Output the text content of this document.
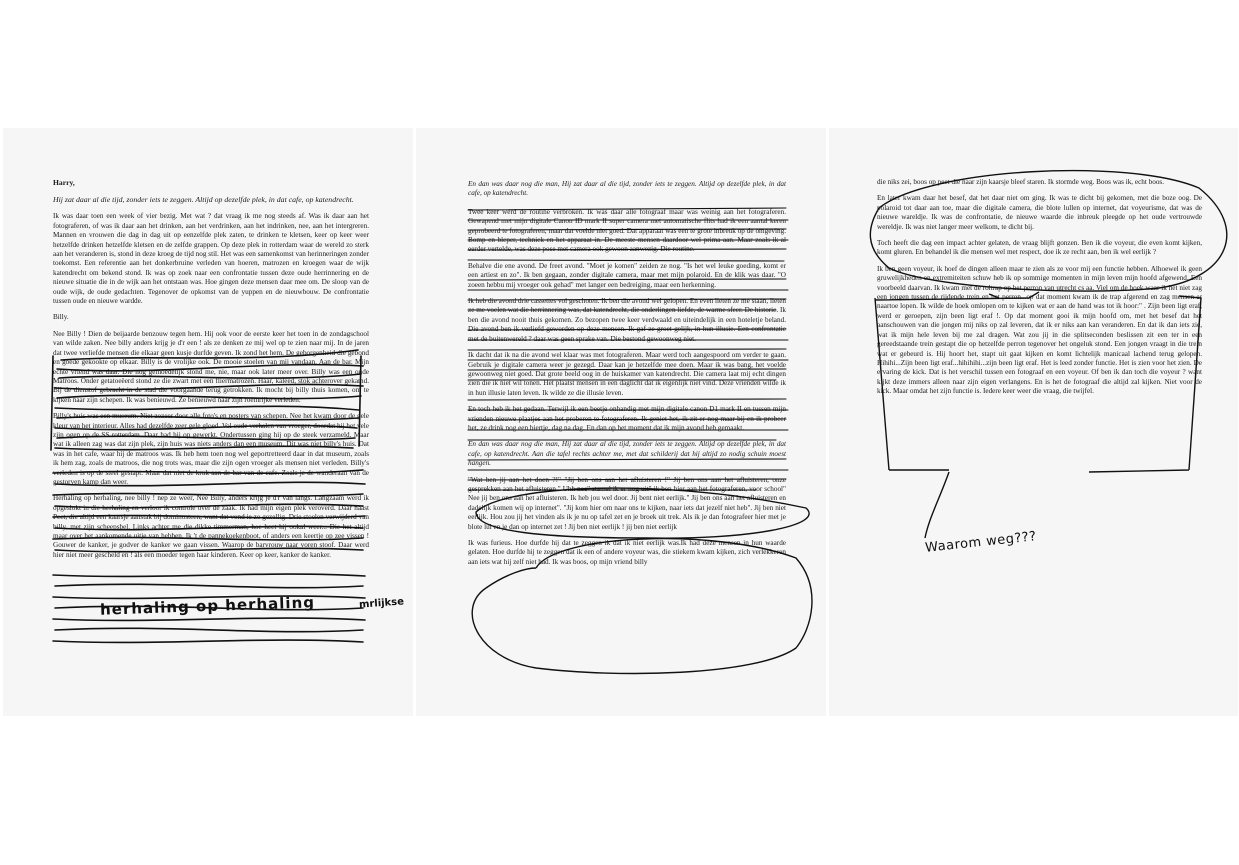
Harry,

Hij zat daar al die tijd, zonder iets te zeggen. Altijd op dezelfde plek, in dat cafe, op katendrecht.

Ik was daar toen een week of vier bezig. Met wat ? dat vraag ik me nog steeds af. Was ik daar aan het fotograferen, of was ik daar aan het drinken, aan het verdrinken, aan het indrinken, nee, aan het intergreren. Mannen en vrouwen die dag in dag uit op eenzelfde plek zaten, te drinken te kletsen, keer op keer weer hetzelfde drinken hetzelfde kletsen en de zelfde grappen. Op deze plek in rotterdam waar de wereld zo sterk aan het veranderen is, stond in deze kroeg de tijd nog stil. Het was een samenkomst van herinneringen zonder toekomst. Een referentie aan het donkerbruine verleden van hoeren, matrozen en kroegen waar de wijk katendrecht om bekend stond. Ik was op zoek naar een confrontatie tussen deze oude herrinnering en de nieuwe situatie die in de wijk aan het ontstaan was. Hoe gingen deze mensen daar mee om. De sloop van de oude wijk, de oude gedachten. Tegenover de opkomst van de yuppen en de nieuwbouw. De confrontatie tussen oude en nieuwe wardde.

Billy.

Nee Billy ! Dien de beijaarde benzouw tegen hem. Hij ook voor de eerste keer het toen in de zondagschool van wilde zaken. Nee billy anders krijg je d'r een ! als ze denken ze mij wel op te zien naar mij. In de jaren dat twee verliefde mensen die elkaar geen kusje durfde geven. Ik zond het hem. De geborgenheid die gebond en goede gekookte op elkaar. Billy is de vrolijke ook. De mooie stoelen van mij vandaan. Aan de bar. Mijn echte vriend was daar. Die nog gemoedelijk stond me, nie, maar ook later meer over. Billy was een oude Matroos. Onder getatoeëerd stond ze die zwart met een fliermatrozen. Haar, kaleed, stok achterover gekamd. Bij de dienstof gebracht in de stad die voorgaande terug getrokken. Ik mocht bij billy thuis komen, om te kijken naar zijn schepen. Ik was benieuwd. Ze benieuwd naar zijn roemrijke verleden.

Billy's huis was een museum. Niet zozeer door alle foto's en posters van schepen. Nee het kwam door de gele kleur van het interieur. Alles had dezelfde zeer gele gloed. Vol oude verhalen van vroeger, doordat hij het vele zijn ogen op de SS rotterdam. Daar had hij op gewerkt. Ondertussen ging hij op de steek verzameld. Maar wat ik alleen zag was dat zijn plek, zijn huis was niets anders dan een museum. Dit was niet billy's huis. Dat was in het cafe, waar hij de matroos was. Ik heb hem toen nog wel geportretteerd daar in dat museum, zoals ik hem zag, zoals de matroos, die nog trots was, maar die zijn ogen vroeger als mensen niet verleden. Billy's verleden is op de steel gestapt. Maar dat niet de kruk aan de bar van de cafe. Zoals je de wanderaan van de gestorven kamp dan weer.

Herhaling op herhaling, nee billy ! nep ze weer, Nee Billy, anders krijg je d'r van langs. Langzaam werd ik opgeslokt in die herhaling en verloor ik controle over de zaak. Ik had mijn eigen plek veroverd. Daar naast Peet, die altijd een kaarsje aanstak bij dominosteen, want dat vond ie zo gezellig. Drie stoelen verwijderd van billy, met zijn scheepsbel. Links achter me die dikke timmerman, hoe heet hij ookal weer... Die het altijd maar over het aankomende uitje van hebben. Ik 't de pannekoekenboot, of anders een keertje op zee vissen ! Gouwer de kanker, je godver de kanker we gaan vissen. Waarop de barvrouw naar voren stoof. Daar werd hier niet meer gescheld en ! als een moeder tegen haar kinderen. Keer op keer, kanker de kanker.

En dan was daar nog die man, Hij zat daar al die tijd, zonder iets te zeggen. Altijd op dezelfde plek, in dat cafe, op katendrecht.

Twee keer werd de routine verbroken. Ik was daar alle fotograaf maar was weinig aan het fotograferen. Gewapend met mijn digitale Canon ID mark II super camera met automatische flits had ik een aantal keren geprobeerd te fotograferen, maar dat voelde niet goed. Dat apparaat was een te grote inbreuk op de omgeving. Bomp en bleper, techniek en het apparaat in. De meeste mensen daardoor wel prima aan. Maar zoals ik al eerder vertelde, was deze pose met camera ook gewoon aanwezig. Die routine.

Behalve die ene avond. De freet avond. "Moet je komen" zeiden ze nog. "Is het wel leuke goeding, komt er een artiest en zo". Ik ben gegaan, zonder digitale camera, maar met mijn polaroid. En de klik was daar. "O zoeen hebbu mij vroeger ook gehad" met langer een bedreiging, maar een herkenning.

Ik heb die avond drie cassettes vol geschoten. Ik ben die avond wel gelopen. En even lieten ze me staan, lieten ze me voelen wat die herrinnering was, dat katendrecht, die onderlingen liefde, de warme sfeer. De historie. Ik ben die avond nooit thuis gekomen. Zo bezopen twee keer verdwaald en uiteindelijk in een hoteletje beland. Die avond ben ik verliefd geworden op deze mensen. Ik gaf ze groet gelijk, in hun illusie. Een confrontatie met de buitenwereld ? daar was geen sprake van. Die bestond gewoonweg niet.

Ik dacht dat ik na die avond wel klaar was met fotograferen. Maar werd toch aangespoord om verder te gaan. Gebruik je digitale camera weer je gezegd. Daar kan je hetzelfde mee doen. Maar ik was bang, het voelde gewoonweg niet goed. Dat grote beeld oog in de huiskamer van katendrecht. Die camera laat mij echt dingen zien die ik niet wil tonen. Het plaatst mensen in een daglicht dat ik eigenlijk niet vind. Deze vrienden wilde ik in hun illusie laten leven. Ik wilde ze die illusie leven.

En toch heb ik het gedaan. Terwijl ik een beetje onhandig met mijn digitale canon D1 mark II en tussen mijn vrienden nieuwe plaatjes aan het proberen te fotograferen. Ik geniet het, ik zit er nog maar bij en ik probeer het, ze drink nog een biertje, dag na dag. En dan op het moment dat ik mijn avond heb gemaakt.

En dan was daar nog die man, Hij zat daar al die tijd, zonder iets te zeggen. Altijd op dezelfde plek, in dat cafe, op katendrecht. Aan die tafel rechts achter me, met dat schilderij dat hij altijd zo nodig schuin moest hangen.

"Wat ben jij aan het doen ?!" "Jij ben ons aan het afluisteren !" Jij ben ons aan het afluisteren, onze gesprekken aan het afluisteren." Uhh nee" stamel ik er nog uit" ik ben hier aan het fotograferen, voor school" Nee jij ben ons aan het afluisteren. Ik heb jou wel door. Jij bent niet eerlijk." Jij ben ons aan het afluisteren en dadelijk komen wij op internet". "Jij kom hier om naar ons te kijken, naar iets dat jezelf niet heb". Jij ben niet eerlijk. Hou zou jij het vinden als ik je nu op tafel zet en je broek uit trek. Als ik je dan fotografeer hier met je blote lul en je dan op internet zet ! Jij ben niet eerlijk ! jij ben niet eerlijk

Ik was furieus. Hoe durfde hij dat te zeggen ik dat ik niet eerlijk was.Ik had deze mensen in hun waarde gelaten. Hoe durfde hij te zeggen dat ik een of andere voyeur was, die stiekem kwam kijken, zich verlekkeren aan iets wat hij zelf niet had. Ik was boos, op mijn vriend billy

die niks zei, boos op peet die naar zijn kaarsje bleef staren. Ik stormde weg. Boos was ik, echt boos.

En later kwam daar het besef, dat het daar niet om ging. Ik was te dicht bij gekomen, met die boze oog. De polaroid tot daar aan toe, maar die digitale camera, die blote lullen op internet, dat voyeurisme, dat was de nieuwe wareldje. Ik was de confrontatie, de nieuwe waarde die inbreuk pleegde op het oude vertrouwde wereldje. Ik was niet langer meer welkom, te dicht bij.

Toch heeft die dag een impact achter gelaten, de vraag blijft gonzen. Ben ik die voyeur, die even komt kijken, komt gluren. En behandel ik die mensen wel met respect, doe ik ze recht aan, ben ik wel eerlijk ?

Ik ben geen voyeur, ik hoef de dingen alleen maar te zien als ze voor mij een functie hebben. Alhoewel ik geen gruwelijkheden en extremiteiten schuw heb ik op sommige momenten in mijn leven mijn hoofd afgewend. Een voorbeeld daarvan. Ik kwam met de roltrap op het perron van utrecht cs aa. Viel om de hoek waar ik het niet zag een jongen tussen de rijdende trein en het perron...op dat moment kwam ik de trap afgerend en zag mensen er naartoe lopen. Ik wilde de hoek omlopen om te kijken wat er aan de hand was tot ik hoor:" . Zijn been ligt eraf, werd er geroepen, zijn been ligt eraf !. Op dat moment gooi ik mijn hoofd om, met het besef dat het aanschouwen van die jongen mij niks op zal leveren, dat ik er niks aan kan veranderen. En dat ik dan iets zie, wat ik mijn hele leven bij me zal dragen. Wat zou jij in die splitseconden beslissen zit een ter in een gereedstaande trein gestapt die op hetzelfde perron tegenover het ongeluk stond. Een jongen vraagt in die trein wat er gebeurd is. Hij hoort het, stapt uit gaat kijken en komt lichtelijk manicaal lachend terug gelopen. Hihihi...Zijn been ligt eraf...hihihihi...zijn been ligt eraf. Het is leed zonder functie. Het is zien voor het zien. De ervaring de kick. Dat is het verschil tussen een fotograaf en een voyeur. Of ben ik dan toch die voyeur ? want kijkt deze immers alleen naar zijn eigen verlangens. En is het de fotograaf die altijd zal kijken. Niet voor de kick. Maar omdat het zijn functie is. Iedere keer weer die vraag, die twijfel.

herhaling op herhaling	mrlijkse
Waarom weg???
